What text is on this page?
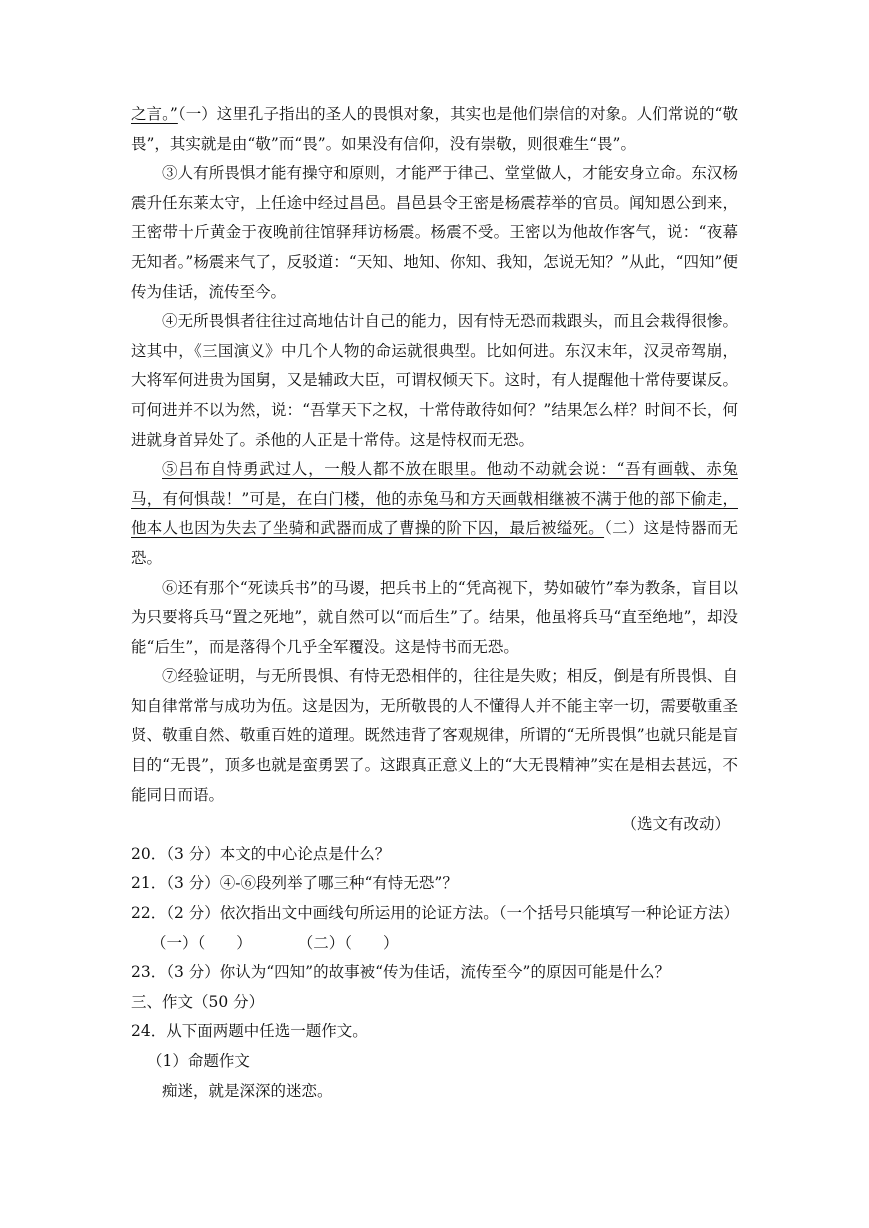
之言。”（一）这里孔子指出的圣人的畏惧对象，其实也是他们崇信的对象。人们常说的“敬畏”，其实就是由“敬”而“畏”。如果没有信仰，没有崇敬，则很难生“畏”。

③人有所畏惧才能有操守和原则，才能严于律己、堂堂做人，才能安身立命。东汉杨震升任东莱太守，上任途中经过昌邑。昌邑县令王密是杨震荐举的官员。闻知恩公到来，王密带十斤黄金于夜晚前往馆驿拜访杨震。杨震不受。王密以为他故作客气，说：“夜幕无知者。”杨震来气了，反驳道：“天知、地知、你知、我知，怎说无知？”从此，“四知”便传为佳话，流传至今。

④无所畏惧者往往过高地估计自己的能力，因有恃无恐而栽跟头，而且会栽得很惨。这其中，《三国演义》中几个人物的命运就很典型。比如何进。东汉末年，汉灵帝驾崩，大将军何进贵为国舅，又是辅政大臣，可谓权倾天下。这时，有人提醒他十常侍要谋反。可何进并不以为然，说：“吾掌天下之权，十常侍敢待如何？”结果怎么样？时间不长，何进就身首异处了。杀他的人正是十常侍。这是恃权而无恐。

⑤吕布自恃勇武过人，一般人都不放在眼里。他动不动就会说：“吾有画戟、赤兔马，有何惧哉！”可是，在白门楼，他的赤兔马和方天画戟相继被不满于他的部下偷走，他本人也因为失去了坐骑和武器而成了曹操的阶下囚，最后被缢死。（二）这是恃器而无恐。

⑥还有那个“死读兵书”的马谡，把兵书上的“凭高视下，势如破竹”奉为教条，盲目以为只要将兵马“置之死地”，就自然可以“而后生”了。结果，他虽将兵马“直至绝地”，却没能“后生”，而是落得个几乎全军覆没。这是恃书而无恐。

⑦经验证明，与无所畏惧、有恃无恐相伴的，往往是失败；相反，倒是有所畏惧、自知自律常常与成功为伍。这是因为，无所敬畏的人不懂得人并不能主宰一切，需要敬重圣贤、敬重自然、敬重百姓的道理。既然违背了客观规律，所谓的“无所畏惧”也就只能是盲目的“无畏”，顶多也就是蛮勇罢了。这跟真正意义上的“大无畏精神”实在是相去甚远，不能同日而语。

（选文有改动）

20．（3 分）本文的中心论点是什么？

21．（3 分）④-⑥段列举了哪三种“有恃无恐”？

22．（2 分）依次指出文中画线句所运用的论证方法。（一个括号只能填写一种论证方法）

（一）（　　）	（二）（　　）

23．（3 分）你认为“四知”的故事被“传为佳话，流传至今”的原因可能是什么？

三、作文（50 分）

24．从下面两题中任选一题作文。

（1）命题作文

痴迷，就是深深的迷恋。
